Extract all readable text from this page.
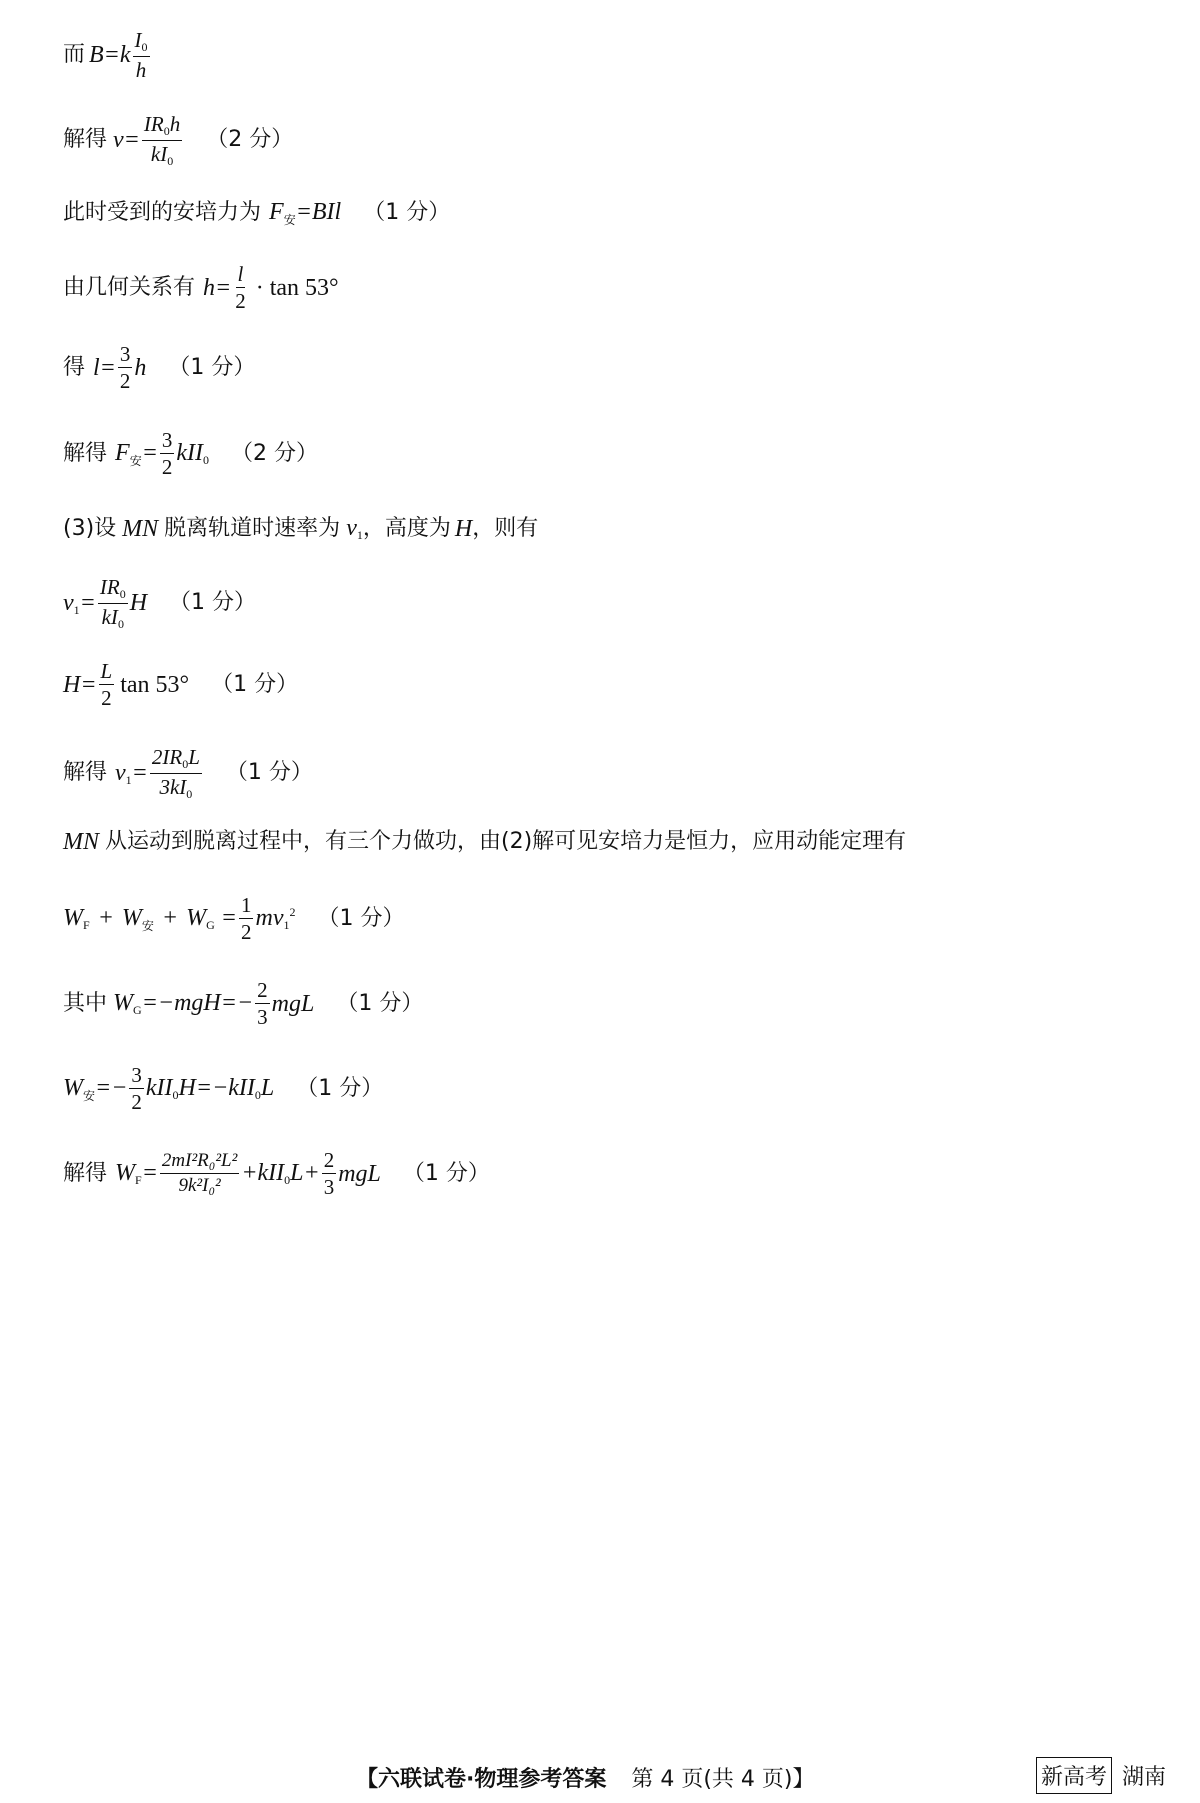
而 $B=k \frac{I_0}{h}$
解得 $v= \frac{IR_0h}{kI_0} (2$ 分）
此时受到的安培力为 $F_安=BIl$ （1 分）
由几何关系有 $h= \frac{l}{2} \cdot \tan 53^\circ$
得 $l= \frac{3}{2}$ h （1 分）
解得 $F_安= \frac{3}{2} kII_0$ （2 分）
(3)设 MN 脱离轨道时速率为 $v_1$ ，高度为 H ，则有
$v_1= \frac{IR_0}{kI_0}$ H （1 分）
$H= \frac{L}{2}$ tan 53° （1 分）
解得 $v_1= \frac{2IR_0L}{3kI_0} (1$ 分）
MN 从运动到脱离过程中，有三个力做功，由(2)解可见安培力是恒力，应用动能定理有
$W_F + W_安 + W_G = \frac{1}{2} mv_1^2$ （1 分）
其中 $W_G=-mgH=- \frac{2}{3}$ mgL （1 分）
$W_安=- \frac{3}{2} kII_0H=-kII_0L$ （1 分）
解得 $W_F= \frac{\text{2mI²R₀²L²}}{\text{9k²I₀²}} +kII_0L+ \frac{2}{3}$ mgL （1 分）
【六联试卷·物理参考答案 第 4 页(共 4 页)】	新高考 湖南
